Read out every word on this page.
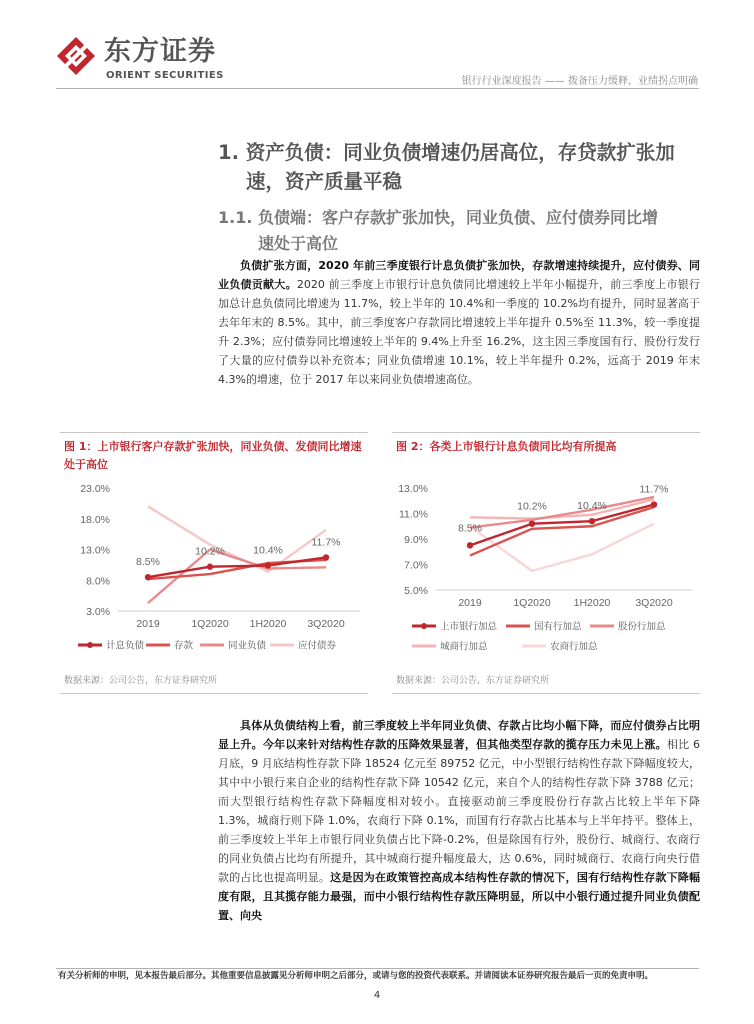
东方证券
ORIENT SECURITIES
银行行业深度报告 —— 拨备压力缓释，业绩拐点明确
1. 资产负债：同业负债增速仍居高位，存贷款扩张加
速，资产质量平稳
1.1. 负债端：客户存款扩张加快，同业负债、应付债券同比增
速处于高位
负债扩张方面，2020 年前三季度银行计息负债扩张加快，存款增速持续提升，应付债券、同业负债贡献大。2020 前三季度上市银行计息负债同比增速较上半年小幅提升，前三季度上市银行加总计息负债同比增速为 11.7%，较上半年的 10.4%和一季度的 10.2%均有提升，同时显著高于去年年末的 8.5%。其中，前三季度客户存款同比增速较上半年提升 0.5%至 11.3%，较一季度提升 2.3%；应付债券同比增速较上半年的 9.4%上升至 16.2%，这主因三季度国有行、股份行发行了大量的应付债券以补充资本；同业负债增速 10.1%，较上半年提升 0.2%，远高于 2019 年末 4.3%的增速，位于 2017 年以来同业负债增速高位。
图 1：上市银行客户存款扩张加快，同业负债、发债同比增速处于高位
3.0%
8.0%
13.0%
18.0%
23.0%
2019	1Q2020 1H2020 3Q2020
8.5%
10.2%	10.4%
11.7%
计息负债	存款	同业负债	应付债券
数据来源：公司公告，东方证券研究所
图 2：各类上市银行计息负债同比均有所提高
5.0%
7.0%
9.0%
11.0%
13.0%
2019	1Q2020 1H2020 3Q2020
8.5%
10.2%	10.4%
11.7%
上市银行加总	国有行加总	股份行加总
城商行加总	农商行加总
数据来源：公司公告，东方证券研究所
具体从负债结构上看，前三季度较上半年同业负债、存款占比均小幅下降，而应付债券占比明显上升。今年以来针对结构性存款的压降效果显著，但其他类型存款的揽存压力未见上涨。相比 6 月底，9 月底结构性存款下降 18524 亿元至 89752 亿元，中小型银行结构性存款下降幅度较大，其中中小银行来自企业的结构性存款下降 10542 亿元，来自个人的结构性存款下降 3788 亿元；而大型银行结构性存款下降幅度相对较小。直接驱动前三季度股份行存款占比较上半年下降 1.3%，城商行则下降 1.0%，农商行下降 0.1%，而国有行存款占比基本与上半年持平。整体上，前三季度较上半年上市银行同业负债占比下降-0.2%，但是除国有行外，股份行、城商行、农商行的同业负债占比均有所提升，其中城商行提升幅度最大，达 0.6%，同时城商行、农商行向央行借款的占比也提高明显。这是因为在政策管控高成本结构性存款的情况下，国有行结构性存款下降幅度有限，且其揽存能力最强，而中小银行结构性存款压降明显，所以中小银行通过提升同业负债配置、向央
有关分析师的申明，见本报告最后部分。其他重要信息披露见分析师申明之后部分，或请与您的投资代表联系。并请阅读本证券研究报告最后一页的免责申明。
4
